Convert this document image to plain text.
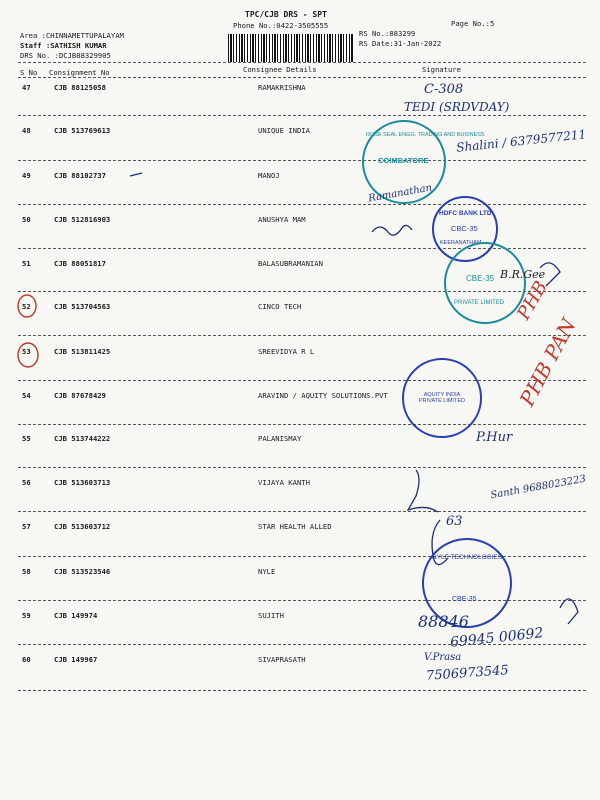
TPC/CJB DRS - SPT
Phone No.:0422-3505555	Page No.:5
Area :CHINNAMETTUPALAYAM
Staff :SATHISH KUMAR
DRS No. :DCJB88329905
RS No.:883299
RS Date:31-Jan-2022
S No Consignment No	Consignee Details	Signature
47	CJB 88125058	RAMAKRISHNA
48	CJB 513769613	UNIQUE INDIA
49	CJB 88102737	MANOJ
50	CJB 512816903	ANUSHYA MAM
51	CJB 88051817	BALASUBRAMANIAN
52	CJB 513704563	CINCO TECH
53	CJB 513811425	SREEVIDYA R L
54	CJB 87678429	ARAVIND / AQUITY SOLUTIONS.PVT
55	CJB 513744222	PALANISMAY
56	CJB 513603713	VIJAYA KANTH
57	CJB 513603712	STAR HEALTH ALLED
58	CJB 513523546	NYLE
59	CJB 149974	SUJITH
60	CJB 149967	SIVAPRASATH
COIMBATORE
ROSE SEAL ENGG. TRADING AND BUSINESS
HDFC BANK LTD
CBC-35
KEERANATHAM
CBE-35
PRIVATE LIMITED
AQUITY INDIA PRIVATE LIMITED
NYLE TECHNOLOGIES
CBE-35
C-308
TEDI (SRDVDAY)
Shalini / 6379577211
Ramanathan
B.R.Gee
PHB
PHB PAN
P.Hur
Santh 9688023223
63
88846
69945 00692
V.Prasa
7506973545
